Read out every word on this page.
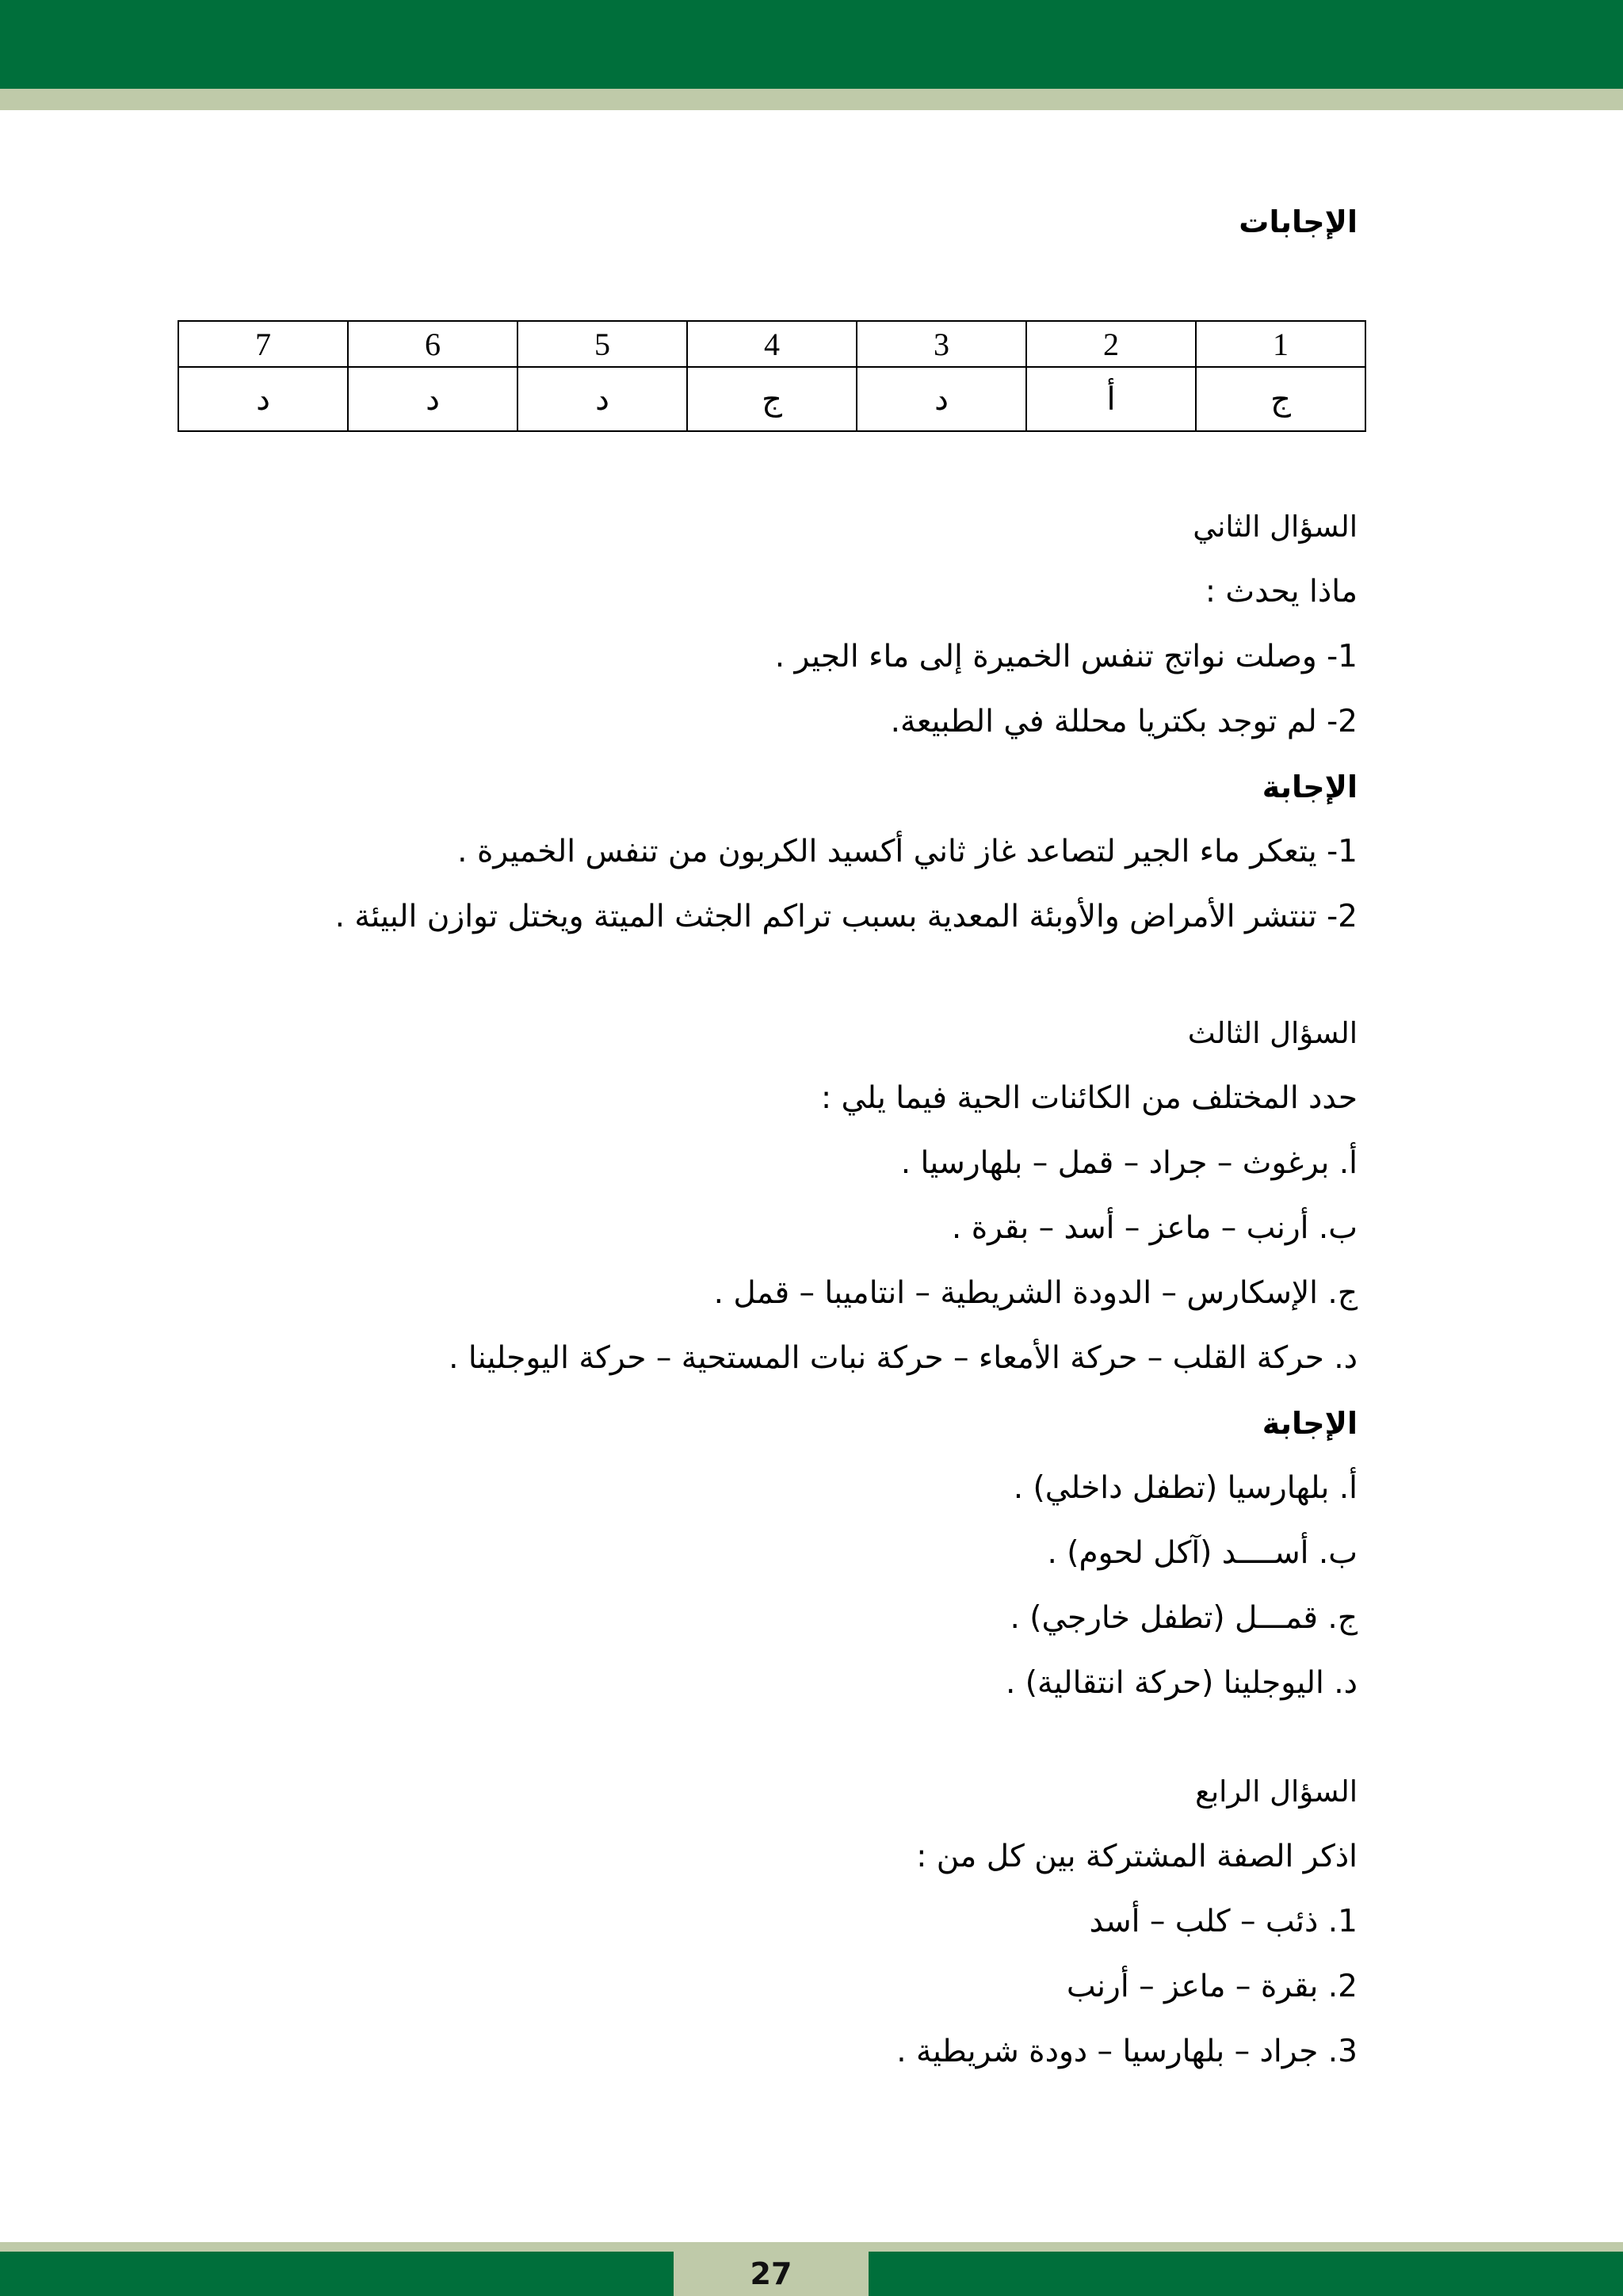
الإجابات
7	6	5	4	3	2	1
د	د	د	ج	د	أ	ج
السؤال الثاني
ماذا يحدث :
1- وصلت نواتج تنفس الخميرة إلى ماء الجير .
2- لم توجد بكتريا محللة في الطبيعة.
الإجابة
1- يتعكر ماء الجير لتصاعد غاز ثاني أكسيد الكربون من تنفس الخميرة .
2- تنتشر الأمراض والأوبئة المعدية بسبب تراكم الجثث الميتة ويختل توازن البيئة .
السؤال الثالث
حدد المختلف من الكائنات الحية فيما يلي :
أ. برغوث – جراد – قمل – بلهارسيا .
ب. أرنب – ماعز – أسد – بقرة .
ج. الإسكارس – الدودة الشريطية – انتاميبا – قمل .
د. حركة القلب – حركة الأمعاء – حركة نبات المستحية – حركة اليوجلينا .
الإجابة
أ. بلهارسيا (تطفل داخلي) .
ب. أســــد (آكل لحوم) .
ج. قمـــل (تطفل خارجي) .
د. اليوجلينا (حركة انتقالية) .
السؤال الرابع
اذكر الصفة المشتركة بين كل من :
1. ذئب – كلب – أسد
2. بقرة – ماعز – أرنب
3. جراد – بلهارسيا – دودة شريطية .
27
